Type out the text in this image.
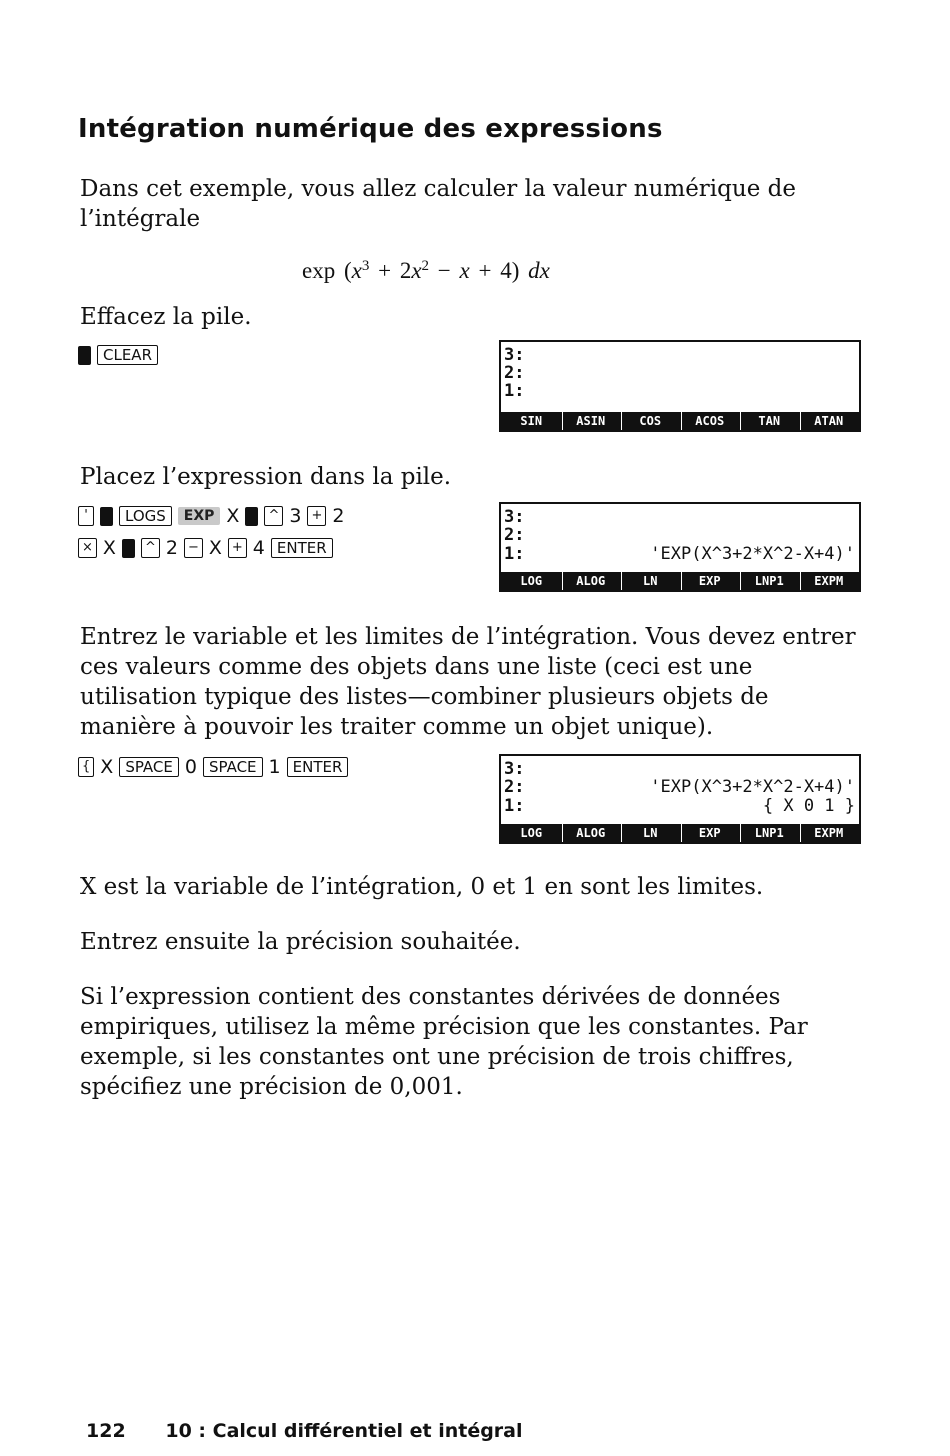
Intégration numérique des expressions

Dans cet exemple, vous allez calculer la valeur numérique de l’intégrale

$\exp (x^3 + 2x^2 - x + 4)$ dx

Effacez la pile.

CLEAR	3:
2:
1:
SIN	ASIN	COS	ACOS	TAN	ATAN

Placez l’expression dans la pile.

'	LOGS	EXP X	^ 3 + 2
× X	^ 2 − X + 4 ENTER
3:
2:
1:	'EXP(X^3+2*X^2-X+4)'
LOG	ALOG	LN	EXP	LNP1	EXPM

Entrez le variable et les limites de l’intégration. Vous devez entrer ces valeurs comme des objets dans une liste (ceci est une utilisation typique des listes—combiner plusieurs objets de manière à pouvoir les traiter comme un objet unique).

{ X SPACE 0 SPACE 1 ENTER	3:
2:	'EXP(X^3+2*X^2-X+4)'
1:	{ X 0 1 }
LOG	ALOG	LN	EXP	LNP1	EXPM

X est la variable de l’intégration, 0 et 1 en sont les limites.

Entrez ensuite la précision souhaitée.

Si l’expression contient des constantes dérivées de données empiriques, utilisez la même précision que les constantes. Par exemple, si les constantes ont une précision de trois chiffres, spécifiez une précision de 0,001.

122 10 : Calcul différentiel et intégral
